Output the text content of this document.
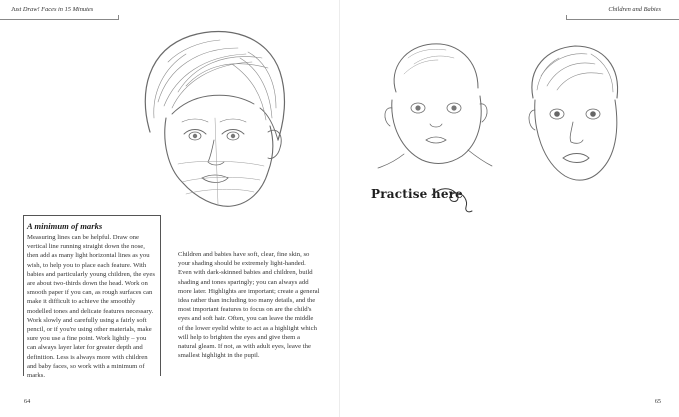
Just Draw! Faces in 15 Minutes	Children and Babies
Practise here
A minimum of marks

Measuring lines can be helpful. Draw one vertical line running straight down the nose, then add as many light horizontal lines as you wish, to help you to place each feature. With babies and particularly young children, the eyes are about two-thirds down the head. Work on smooth paper if you can, as rough surfaces can make it difficult to achieve the smoothly modelled tones and delicate features necessary. Work slowly and carefully using a fairly soft pencil, or if you're using other materials, make sure you use a fine point. Work lightly – you can always layer later for greater depth and definition. Less is always more with children and baby faces, so work with a minimum of marks.

Children and babies have soft, clear, fine skin, so your shading should be extremely light-handed. Even with dark-skinned babies and children, build shading and tones sparingly; you can always add more later. Highlights are important; create a general idea rather than including too many details, and the most important features to focus on are the child's eyes and soft hair. Often, you can leave the middle of the lower eyelid white to act as a highlight which will help to brighten the eyes and give them a natural gleam. If not, as with adult eyes, leave the smallest highlight in the pupil.

64	65
